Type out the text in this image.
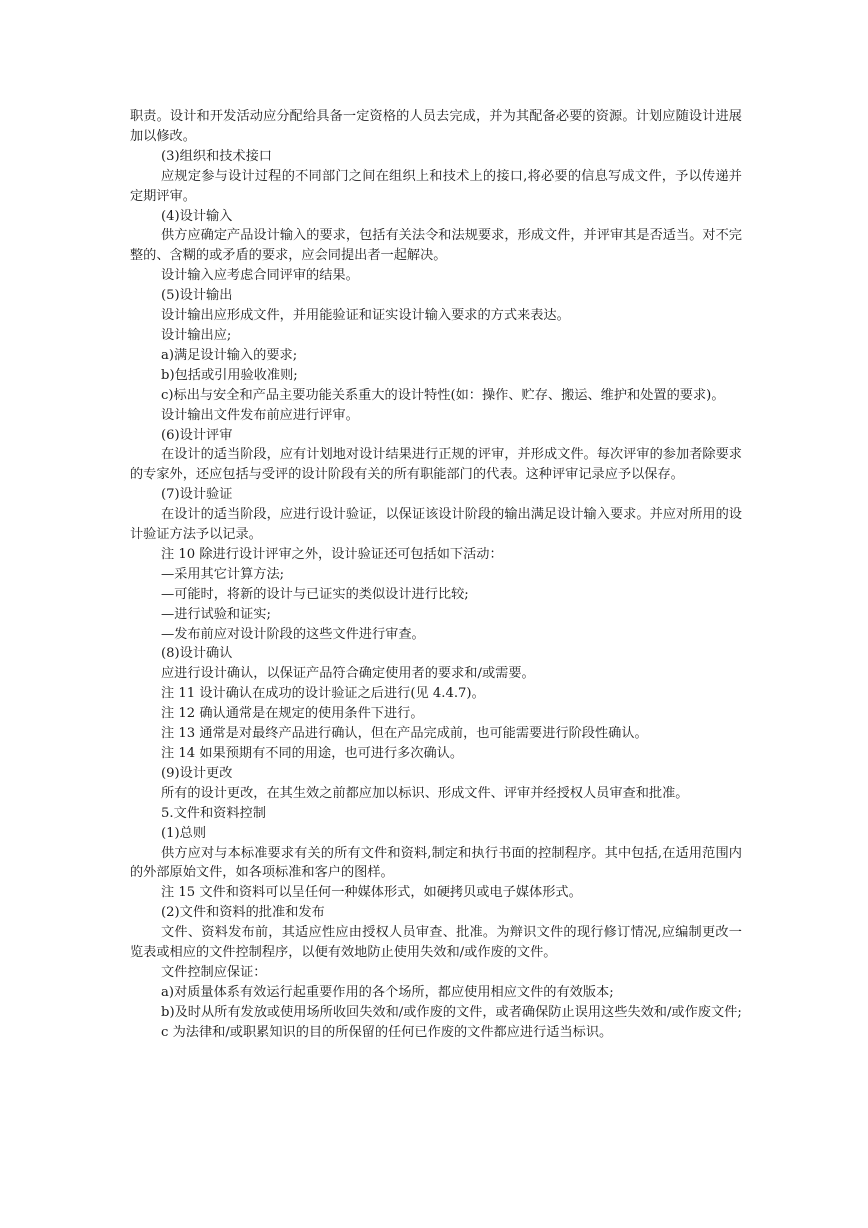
职责。设计和开发活动应分配给具备一定资格的人员去完成，并为其配备必要的资源。计划应随设计进展加以修改。
(3)组织和技术接口
应规定参与设计过程的不同部门之间在组织上和技术上的接口,将必要的信息写成文件，予以传递并定期评审。
(4)设计输入
供方应确定产品设计输入的要求，包括有关法令和法规要求，形成文件，并评审其是否适当。对不完整的、含糊的或矛盾的要求，应会同提出者一起解决。
设计输入应考虑合同评审的结果。
(5)设计输出
设计输出应形成文件，并用能验证和证实设计输入要求的方式来表达。
设计输出应;
a)满足设计输入的要求;
b)包括或引用验收准则;
c)标出与安全和产品主要功能关系重大的设计特性(如：操作、贮存、搬运、维护和处置的要求)。
设计输出文件发布前应进行评审。
(6)设计评审
在设计的适当阶段，应有计划地对设计结果进行正规的评审，并形成文件。每次评审的参加者除要求的专家外，还应包括与受评的设计阶段有关的所有职能部门的代表。这种评审记录应予以保存。
(7)设计验证
在设计的适当阶段，应进行设计验证，以保证该设计阶段的输出满足设计输入要求。并应对所用的设计验证方法予以记录。
注 10 除进行设计评审之外，设计验证还可包括如下活动：
—采用其它计算方法;
—可能时，将新的设计与已证实的类似设计进行比较;
—进行试验和证实;
—发布前应对设计阶段的这些文件进行审查。
(8)设计确认
应进行设计确认，以保证产品符合确定使用者的要求和/或需要。
注 11 设计确认在成功的设计验证之后进行(见 4.4.7)。
注 12 确认通常是在规定的使用条件下进行。
注 13 通常是对最终产品进行确认，但在产品完成前，也可能需要进行阶段性确认。
注 14 如果预期有不同的用途，也可进行多次确认。
(9)设计更改
所有的设计更改，在其生效之前都应加以标识、形成文件、评审并经授权人员审查和批准。
5.文件和资料控制
(1)总则
供方应对与本标准要求有关的所有文件和资料,制定和执行书面的控制程序。其中包括,在适用范围内的外部原始文件，如各项标准和客户的图样。
注 15 文件和资料可以呈任何一种媒体形式，如硬拷贝或电子媒体形式。
(2)文件和资料的批准和发布
文件、资料发布前，其适应性应由授权人员审查、批准。为辩识文件的现行修订情况,应编制更改一览表或相应的文件控制程序，以便有效地防止使用失效和/或作废的文件。
文件控制应保证：
a)对质量体系有效运行起重要作用的各个场所，都应使用相应文件的有效版本;
b)及时从所有发放或使用场所收回失效和/或作废的文件，或者确保防止误用这些失效和/或作废文件;
c 为法律和/或职累知识的目的所保留的任何已作废的文件都应进行适当标识。
